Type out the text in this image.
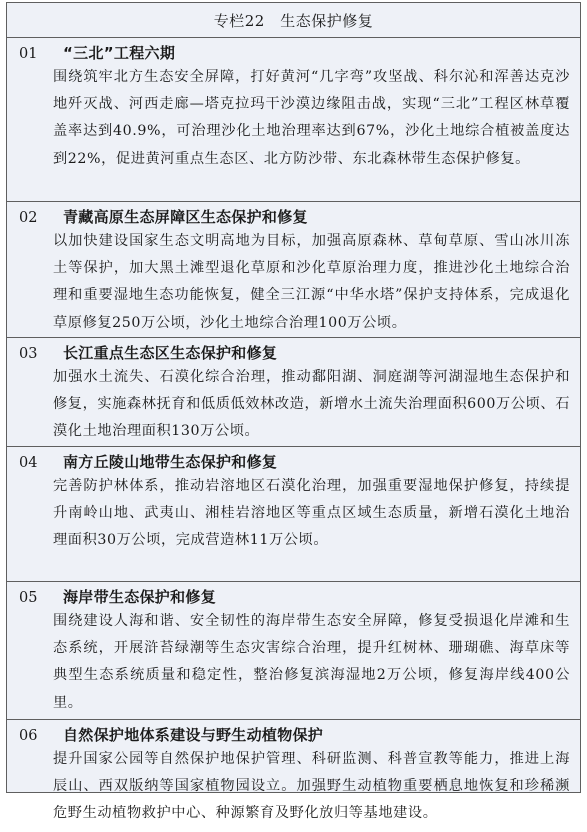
专栏22　生态保护修复
01	“三北”工程六期
围绕筑牢北方生态安全屏障，打好黄河“几字弯”攻坚战、科尔沁和浑善达克沙地歼灭战、河西走廊—塔克拉玛干沙漠边缘阻击战，实现“三北”工程区林草覆盖率达到40.9%，可治理沙化土地治理率达到67%，沙化土地综合植被盖度达到22%，促进黄河重点生态区、北方防沙带、东北森林带生态保护修复。
02	青藏高原生态屏障区生态保护和修复
以加快建设国家生态文明高地为目标，加强高原森林、草甸草原、雪山冰川冻土等保护，加大黑土滩型退化草原和沙化草原治理力度，推进沙化土地综合治理和重要湿地生态功能恢复，健全三江源“中华水塔”保护支持体系，完成退化草原修复250万公顷，沙化土地综合治理100万公顷。
03	长江重点生态区生态保护和修复
加强水土流失、石漠化综合治理，推动鄱阳湖、洞庭湖等河湖湿地生态保护和修复，实施森林抚育和低质低效林改造，新增水土流失治理面积600万公顷、石漠化土地治理面积130万公顷。
04	南方丘陵山地带生态保护和修复
完善防护林体系，推动岩溶地区石漠化治理，加强重要湿地保护修复，持续提升南岭山地、武夷山、湘桂岩溶地区等重点区域生态质量，新增石漠化土地治理面积30万公顷，完成营造林11万公顷。
05	海岸带生态保护和修复
围绕建设人海和谐、安全韧性的海岸带生态安全屏障，修复受损退化岸滩和生态系统，开展浒苔绿潮等生态灾害综合治理，提升红树林、珊瑚礁、海草床等典型生态系统质量和稳定性，整治修复滨海湿地2万公顷，修复海岸线400公里。
06	自然保护地体系建设与野生动植物保护
提升国家公园等自然保护地保护管理、科研监测、科普宣教等能力，推进上海辰山、西双版纳等国家植物园设立。加强野生动植物重要栖息地恢复和珍稀濒危野生动植物救护中心、种源繁育及野化放归等基地建设。
